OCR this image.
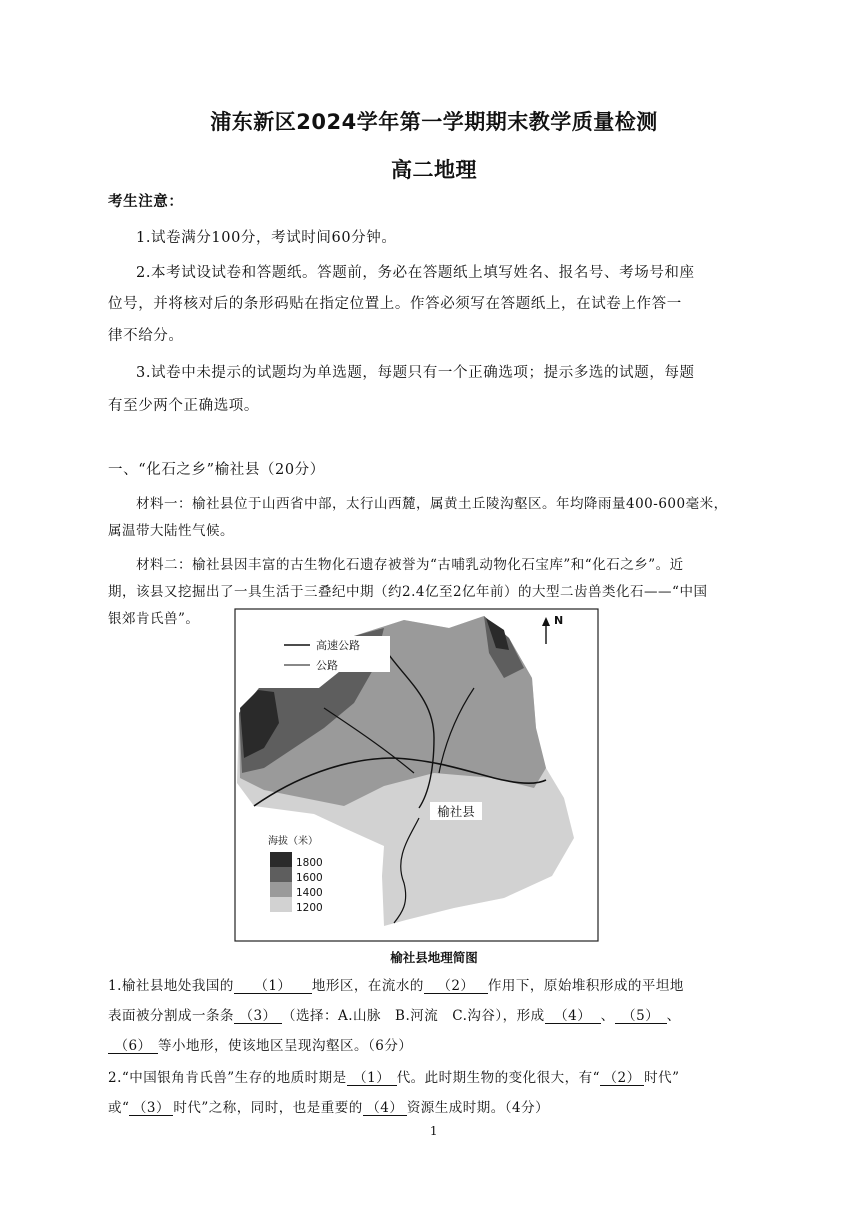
浦东新区2024学年第一学期期末教学质量检测
高二地理
考生注意：
1.试卷满分100分，考试时间60分钟。
2.本考试设试卷和答题纸。答题前，务必在答题纸上填写姓名、报名号、考场号和座
位号，并将核对后的条形码贴在指定位置上。作答必须写在答题纸上，在试卷上作答一
律不给分。
3.试卷中未提示的试题均为单选题，每题只有一个正确选项；提示多选的试题，每题
有至少两个正确选项。
一、“化石之乡”榆社县（20分）
材料一：榆社县位于山西省中部，太行山西麓，属黄土丘陵沟壑区。年均降雨量400-600毫米，
属温带大陆性气候。
材料二：榆社县因丰富的古生物化石遗存被誉为“古哺乳动物化石宝库”和“化石之乡”。近
期，该县又挖掘出了一具生活于三叠纪中期（约2.4亿至2亿年前）的大型二齿兽类化石——“中国
银郊肯氏兽”。
榆社县
N
高速公路
公路
海拔（米）
1800
1600
1400
1200
榆社县地理简图
1.榆社县地处我国的 （1） 地形区，在流水的 （2） 作用下，原始堆积形成的平坦地
表面被分割成一条条 （3） （选择：A.山脉　B.河流　C.沟谷），形成 （4） 、 （5） 、
（6） 等小地形，使该地区呈现沟壑区。（6分）
2.“中国银角肯氏兽”生存的地质时期是 （1） 代。此时期生物的变化很大，有“ （2） 时代”
或“ （3） 时代”之称，同时，也是重要的 （4） 资源生成时期。（4分）
1
